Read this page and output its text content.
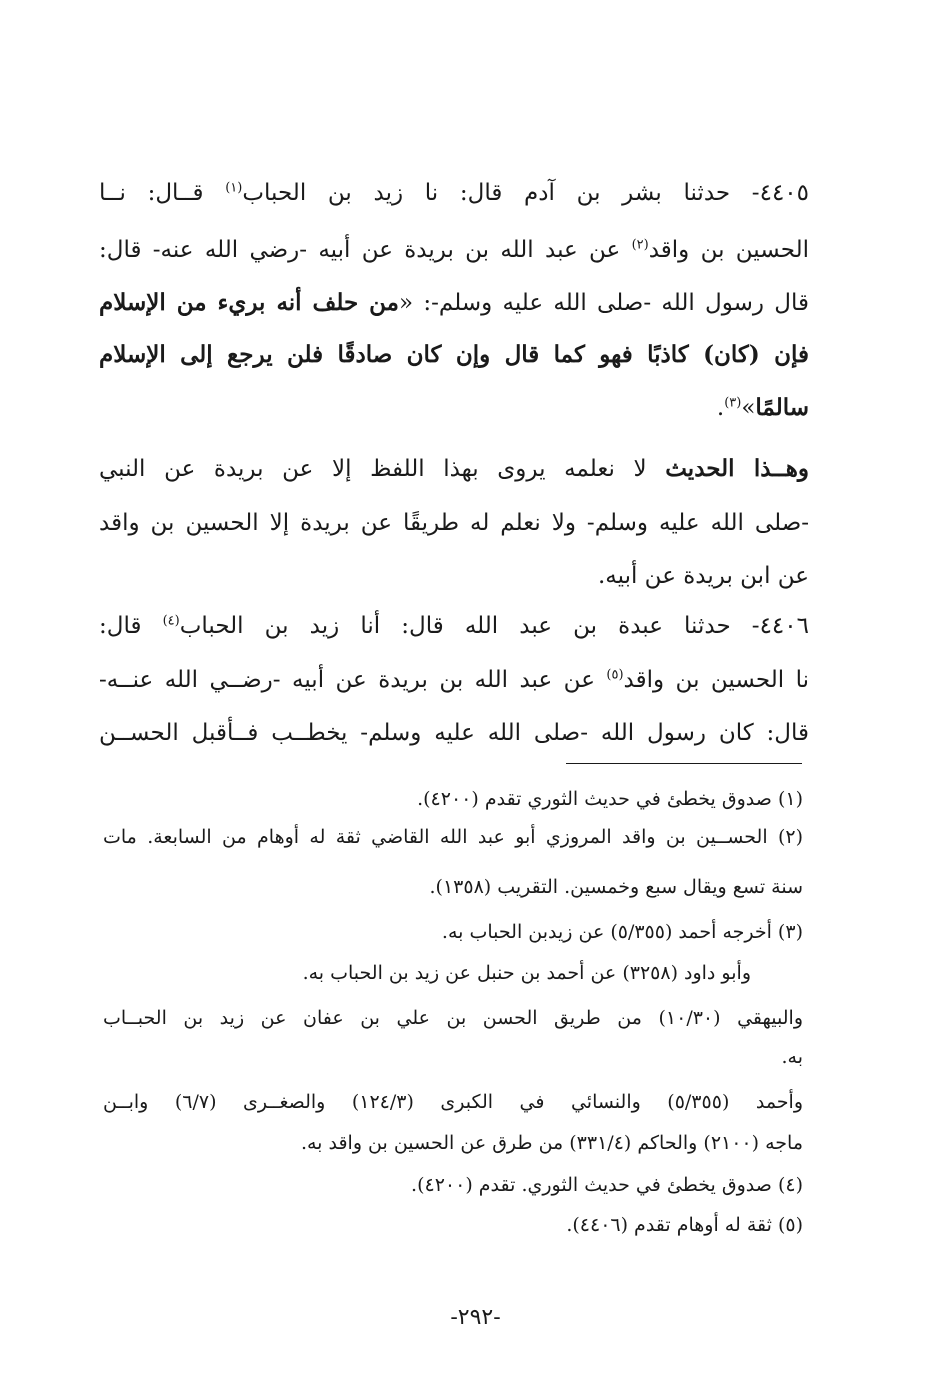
٤٤٠٥- حدثنا بشر بن آدم قال: نا زيد بن الحباب$^{(١)}$ قــال: نــا
الحسين بن واقد$^{(٢)}$ عن عبد الله بن بريدة عن أبيه -رضي الله عنه- قال:
قال رسول الله -صلى الله عليه وسلم-: «من حلف أنه بريء من الإسلام
فإن (كان) كاذبًا فهو كما قال وإن كان صادقًا فلن يرجع إلى الإسلام
سالمًا»$^{(٣)}$.
وهــذا الحديث لا نعلمه يروى بهذا اللفظ إلا عن بريدة عن النبي
-صلى الله عليه وسلم- ولا نعلم له طريقًا عن بريدة إلا الحسين بن واقد
عن ابن بريدة عن أبيه.
٤٤٠٦- حدثنا عبدة بن عبد الله قال: أنا زيد بن الحباب$^{(٤)}$ قال:
نا الحسين بن واقد$^{(٥)}$ عن عبد الله بن بريدة عن أبيه -رضــي الله عنــه-
قال: كان رسول الله -صلى الله عليه وسلم- يخطــب فــأقبل الحســن
(١) صدوق يخطئ في حديث الثوري تقدم (٤٢٠٠).
(٢) الحســين بن واقد المروزي أبو عبد الله القاضي ثقة له أوهام من السابعة. مات
سنة تسع ويقال سبع وخمسين. التقريب (١٣٥٨).
(٣) أخرجه أحمد (٥/٣٥٥) عن زيدبن الحباب به.
وأبو داود (٣٢٥٨) عن أحمد بن حنبل عن زيد بن الحباب به.
والبيهقي (١٠/٣٠) من طريق الحسن بن علي بن عفان عن زيد بن الحبــاب
به.
وأحمد (٥/٣٥٥) والنسائي في الكبرى (١٢٤/٣) والصغــرى (٦/٧) وابــن
ماجه (٢١٠٠) والحاكم (٣٣١/٤) من طرق عن الحسين بن واقد به.
(٤) صدوق يخطئ في حديث الثوري. تقدم (٤٢٠٠).
(٥) ثقة له أوهام تقدم (٤٤٠٦).
-٢٩٢-
